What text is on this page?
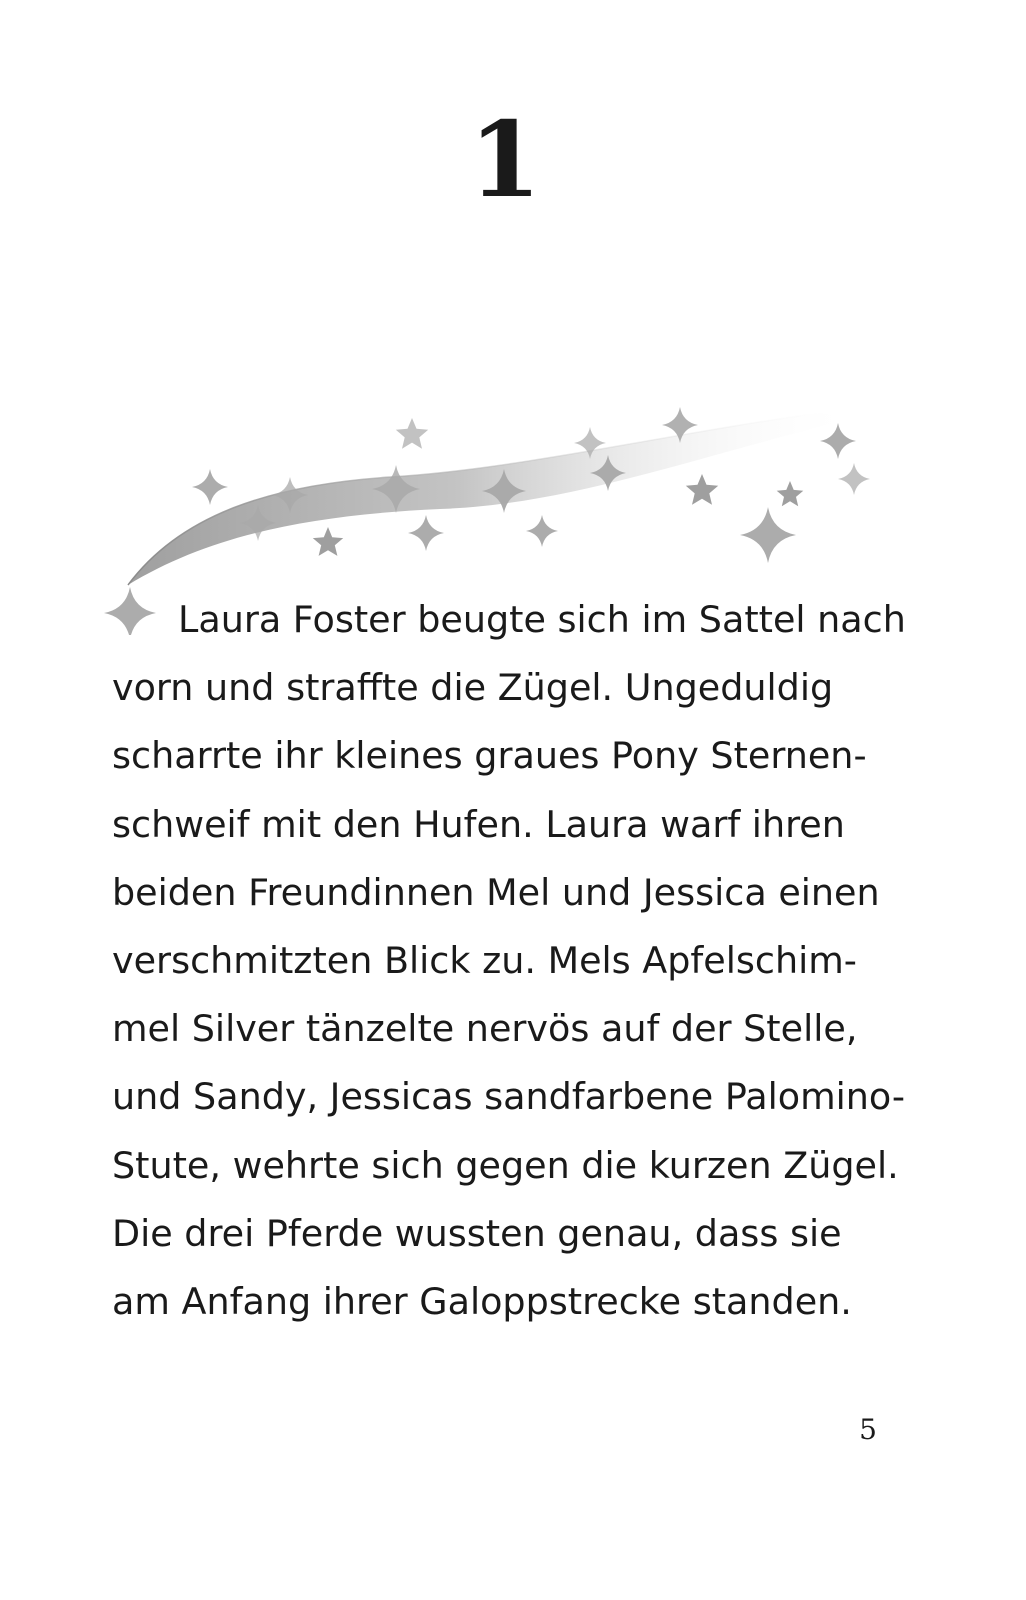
1

Laura Foster beugte sich im Sattel nach
vorn und straffte die Zügel. Ungeduldig
scharrte ihr kleines graues Pony Sternen-
schweif mit den Hufen. Laura warf ihren
beiden Freundinnen Mel und Jessica einen
verschmitzten Blick zu. Mels Apfelschim-
mel Silver tänzelte nervös auf der Stelle,
und Sandy, Jessicas sandfarbene Palomino-
Stute, wehrte sich gegen die kurzen Zügel.
Die drei Pferde wussten genau, dass sie
am Anfang ihrer Galoppstrecke standen.

5
